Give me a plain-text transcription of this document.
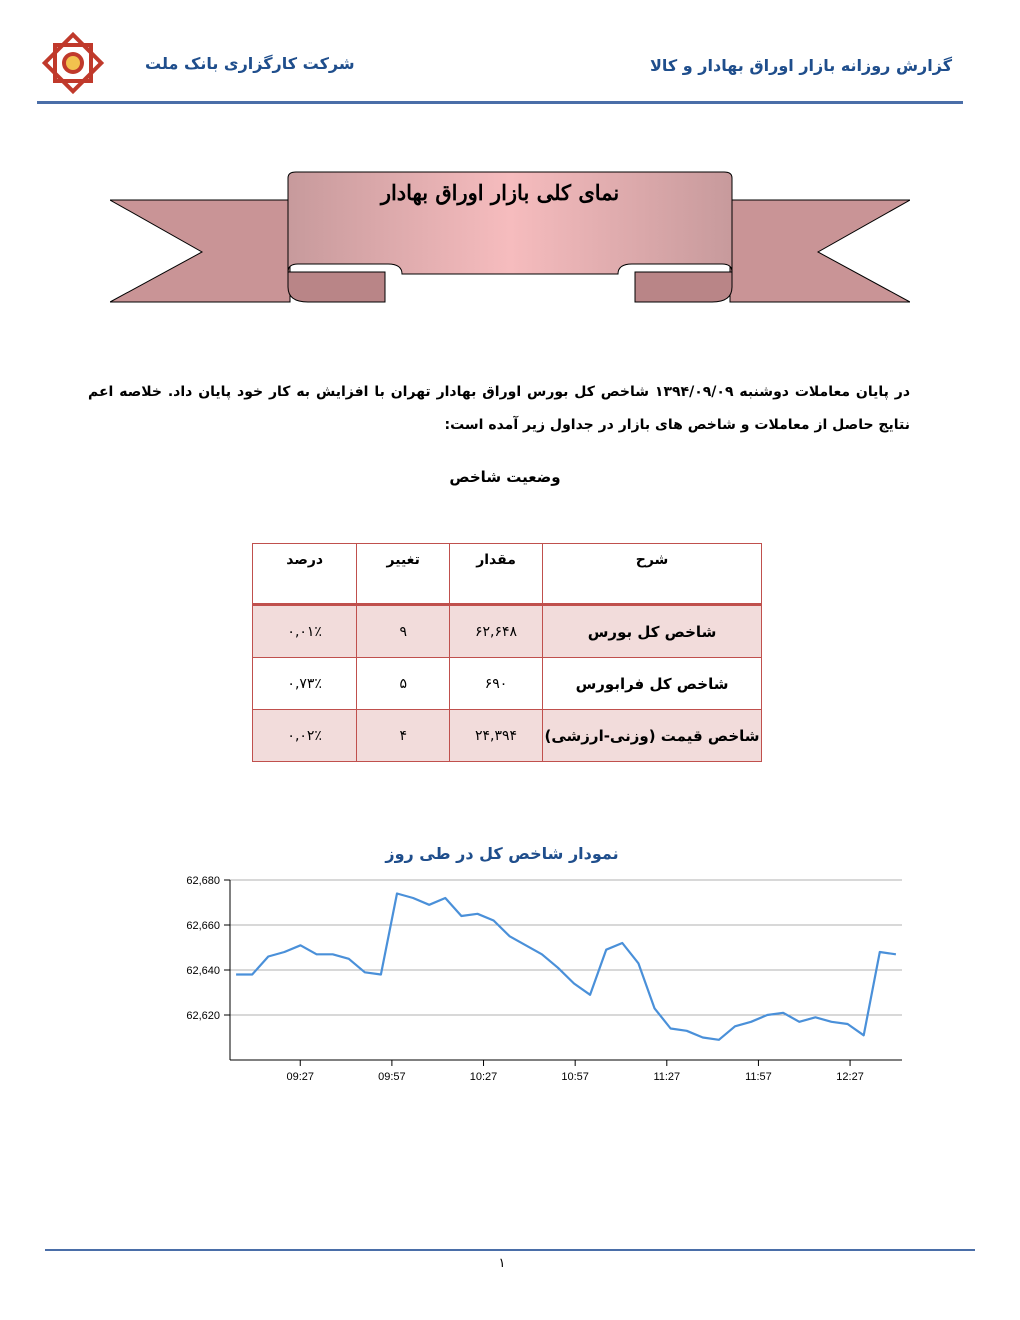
گزارش روزانه بازار اوراق بهادار و کالا
شرکت کارگزاری بانک ملت
نمای کلی بازار اوراق بهادار
در پایان معاملات دوشنبه ۱۳۹۴/۰۹/۰۹ شاخص کل بورس اوراق بهادار تهران با افزایش به کار خود پایان داد. خلاصه اعم نتایج حاصل از معاملات و شاخص های بازار در جداول زیر آمده است:
وضعیت شاخص
شرح	مقدار	تغییر	درصد
شاخص کل بورس	۶۲,۶۴۸	۹	۰,۰۱٪
شاخص کل فرابورس	۶۹۰	۵	۰,۷۳٪
شاخص قیمت (وزنی-ارزشی)	۲۴,۳۹۴	۴	۰,۰۲٪
نمودار شاخص کل در طی روز
62,620
62,640
62,660
62,680
09:27	09:57	10:27	10:57	11:27	11:57	12:27
۱
